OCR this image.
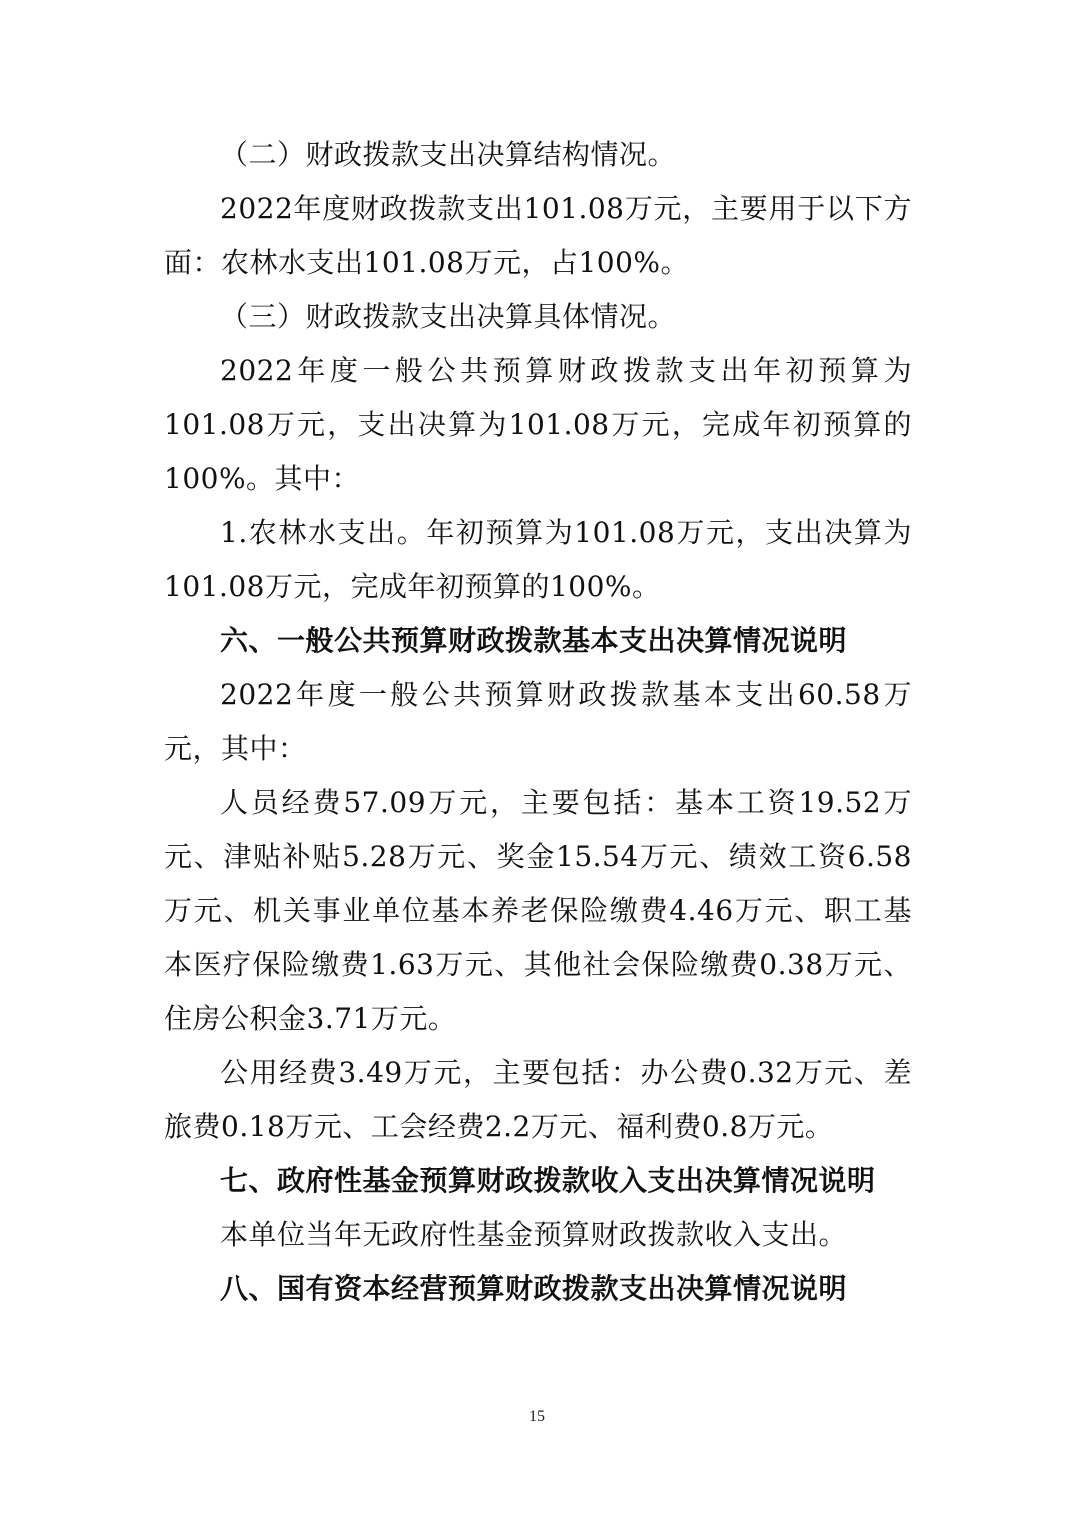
（二）财政拨款支出决算结构情况。

2022年度财政拨款支出101.08万元，主要用于以下方面：农林水支出101.08万元，占100%。

（三）财政拨款支出决算具体情况。

2022年度一般公共预算财政拨款支出年初预算为101.08万元，支出决算为101.08万元，完成年初预算的100%。其中：

1.农林水支出。年初预算为101.08万元，支出决算为101.08万元，完成年初预算的100%。

六、一般公共预算财政拨款基本支出决算情况说明

2022年度一般公共预算财政拨款基本支出60.58万元，其中：

人员经费57.09万元，主要包括：基本工资19.52万元、津贴补贴5.28万元、奖金15.54万元、绩效工资6.58万元、机关事业单位基本养老保险缴费4.46万元、职工基本医疗保险缴费1.63万元、其他社会保险缴费0.38万元、住房公积金3.71万元。

公用经费3.49万元，主要包括：办公费0.32万元、差旅费0.18万元、工会经费2.2万元、福利费0.8万元。

七、政府性基金预算财政拨款收入支出决算情况说明

本单位当年无政府性基金预算财政拨款收入支出。

八、国有资本经营预算财政拨款支出决算情况说明

15
